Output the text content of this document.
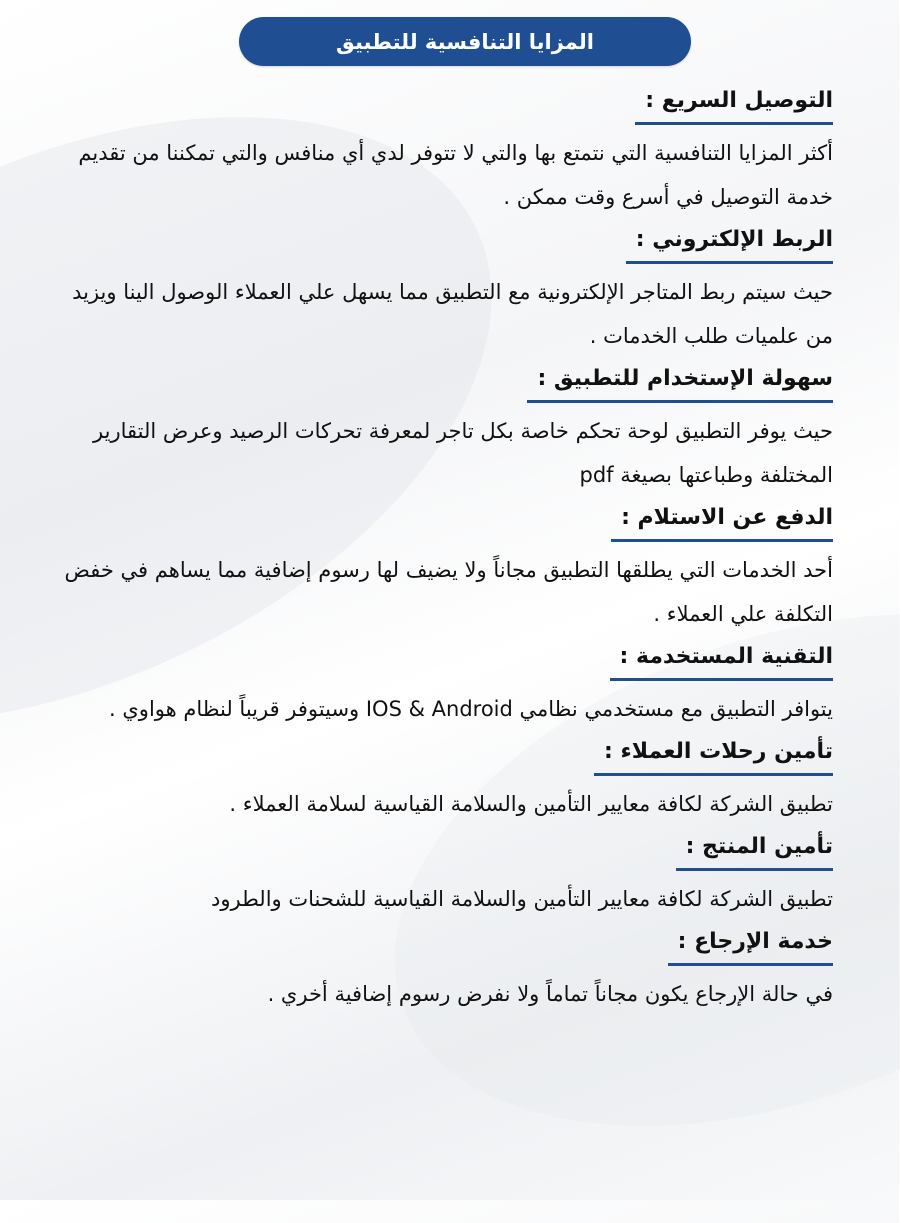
المزايا التنافسية للتطبيق
التوصيل السريع :
أكثر المزايا التنافسية التي نتمتع بها والتي لا تتوفر لدي أي منافس والتي تمكننا من تقديم خدمة التوصيل في أسرع وقت ممكن .
الربط الإلكتروني :
حيث سيتم ربط المتاجر الإلكترونية مع التطبيق مما يسهل علي العملاء الوصول الينا ويزيد من علميات طلب الخدمات .
سهولة الإستخدام للتطبيق :
حيث يوفر التطبيق لوحة تحكم خاصة بكل تاجر لمعرفة تحركات الرصيد وعرض التقارير المختلفة وطباعتها بصيغة pdf
الدفع عن الاستلام :
أحد الخدمات التي يطلقها التطبيق مجاناً ولا يضيف لها رسوم إضافية مما يساهم في خفض التكلفة علي العملاء .
التقنية المستخدمة :
يتوافر التطبيق مع مستخدمي نظامي IOS & Android وسيتوفر قريباً لنظام هواوي .
تأمين رحلات العملاء :
تطبيق الشركة لكافة معايير التأمين والسلامة القياسية لسلامة العملاء .
تأمين المنتج :
تطبيق الشركة لكافة معايير التأمين والسلامة القياسية للشحنات والطرود
خدمة الإرجاع :
في حالة الإرجاع يكون مجاناً تماماً ولا نفرض رسوم إضافية أخري .
